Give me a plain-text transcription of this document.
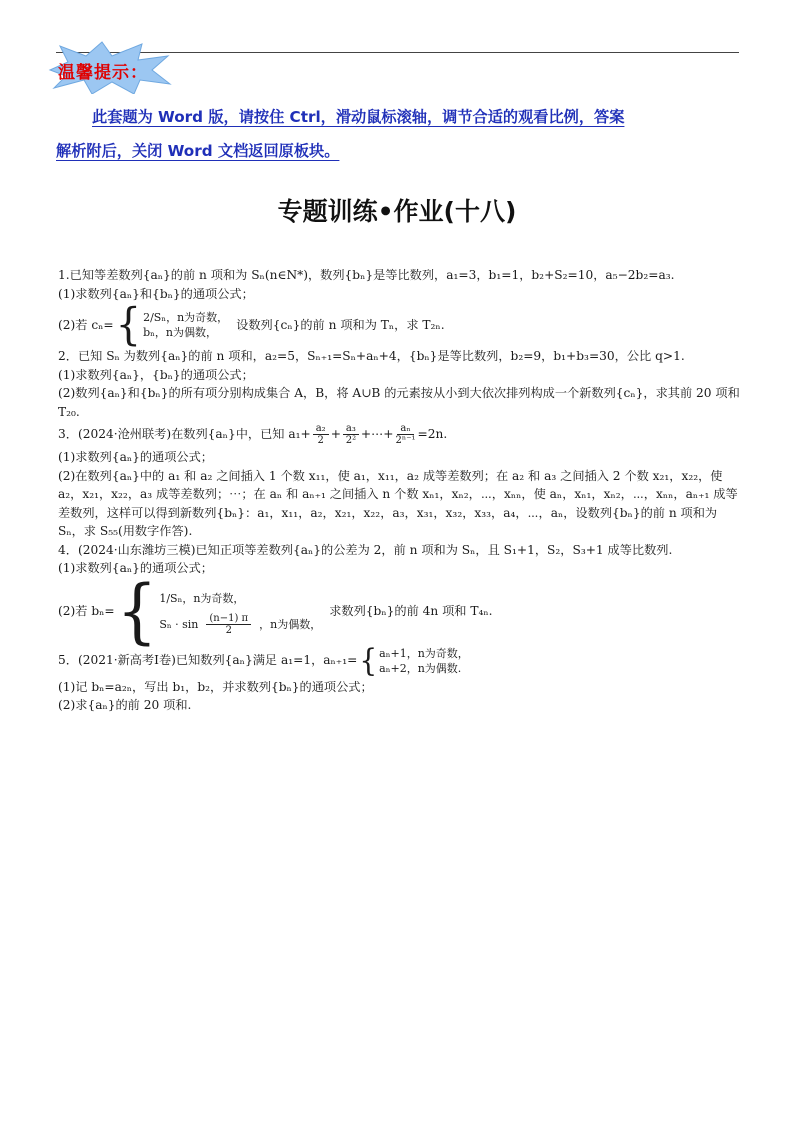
温馨提示：
此套题为 Word 版，请按住 Ctrl，滑动鼠标滚轴，调节合适的观看比例，答案
解析附后，关闭 Word 文档返回原板块。
专题训练•作业(十八)

1.已知等差数列{aₙ}的前 n 项和为 Sₙ(n∈N*)，数列{bₙ}是等比数列，a₁=3，b₁=1，b₂+S₂=10，a₅−2b₂=a₃.

(1)求数列{aₙ}和{bₙ}的通项公式；

(2)若 cₙ= { 2/Sₙ，n为奇数，
bₙ，n为偶数，
设数列{cₙ}的前 n 项和为 Tₙ，求 T₂ₙ.

2．已知 Sₙ 为数列{aₙ}的前 n 项和，a₂=5，Sₙ₊₁=Sₙ+aₙ+4，{bₙ}是等比数列，b₂=9，b₁+b₃=30，公比 q>1.

(1)求数列{aₙ}，{bₙ}的通项公式；

(2)数列{aₙ}和{bₙ}的所有项分别构成集合 A，B，将 A∪B 的元素按从小到大依次排列构成一个新数列{cₙ}，求其前 20 项和 T₂₀.

3．(2024·沧州联考)在数列{aₙ}中，已知 $a_1+ \frac{\text{a₂}}{2} + \frac{\text{a₃}}{\text{2²}}$ +⋯+ $\frac{\text{aₙ}}{\text{2ⁿ⁻¹}} =2n$.

(1)求数列{aₙ}的通项公式；

(2)在数列{aₙ}中的 a₁ 和 a₂ 之间插入 1 个数 x₁₁，使 a₁，x₁₁，a₂ 成等差数列；在 a₂ 和 a₃ 之间插入 2 个数 x₂₁，x₂₂，使 a₂，x₂₁，x₂₂，a₃ 成等差数列；⋯；在 aₙ 和 aₙ₊₁ 之间插入 n 个数 xₙ₁，xₙ₂，⋯，xₙₙ，使 aₙ，xₙ₁，xₙ₂，⋯，xₙₙ，aₙ₊₁ 成等差数列，这样可以得到新数列{bₙ}：a₁，x₁₁，a₂，x₂₁，x₂₂，a₃，x₃₁，x₃₂，x₃₃，a₄，⋯，aₙ，设数列{bₙ}的前 n 项和为 Sₙ，求 S₅₅(用数字作答).

4．(2024·山东潍坊三模)已知正项等差数列{aₙ}的公差为 2，前 n 项和为 Sₙ，且 S₁+1，S₂，S₃+1 成等比数列.

(1)求数列{aₙ}的通项公式；

(2)若 bₙ= { 1/Sₙ，n为奇数，
$S_n \cdot \sin \frac{(n-1) \pi}{2}$ ，n为偶数，
求数列{bₙ}的前 4n 项和 T₄ₙ.
5．(2021·新高考Ⅰ卷)已知数列{aₙ}满足 a₁=1，aₙ₊₁= { aₙ+1，n为奇数，
aₙ+2，n为偶数.

(1)记 bₙ=a₂ₙ，写出 b₁，b₂，并求数列{bₙ}的通项公式；

(2)求{aₙ}的前 20 项和.
